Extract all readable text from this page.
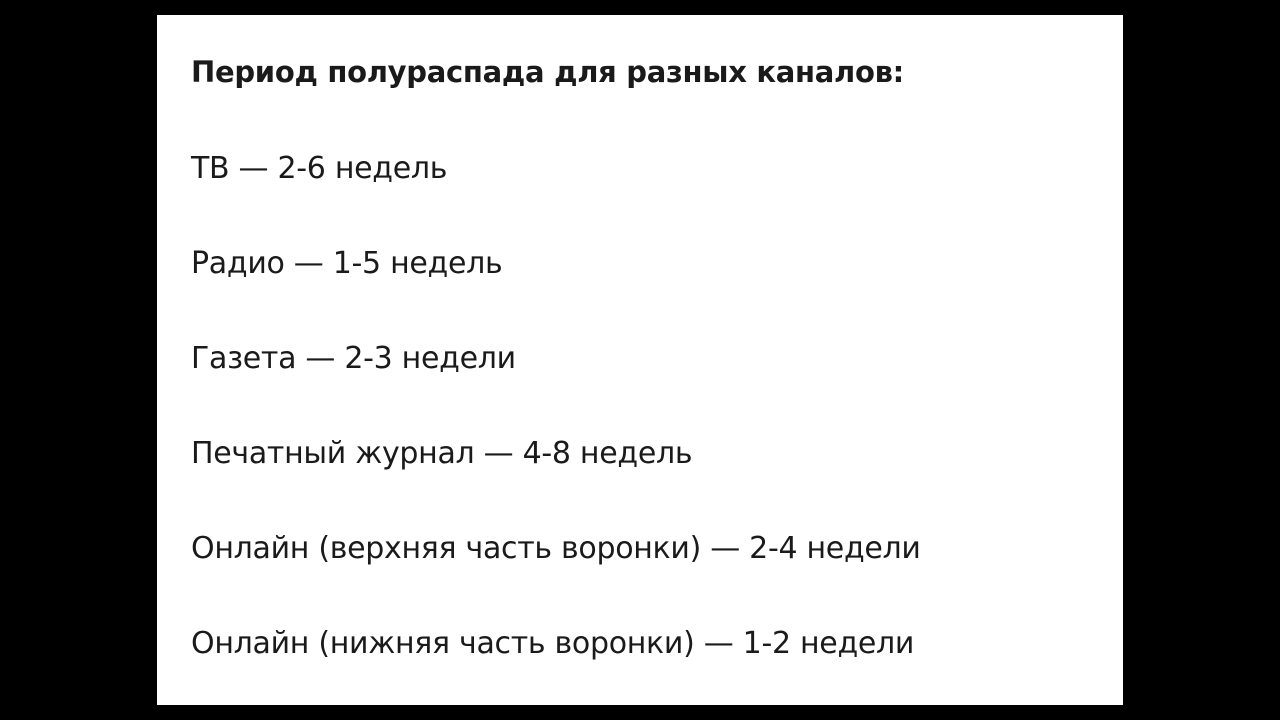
Период полураспада для разных каналов:

ТВ — 2-6 недель

Радио — 1-5 недель

Газета — 2-3 недели

Печатный журнал — 4-8 недель

Онлайн (верхняя часть воронки) — 2-4 недели

Онлайн (нижняя часть воронки) — 1-2 недели
